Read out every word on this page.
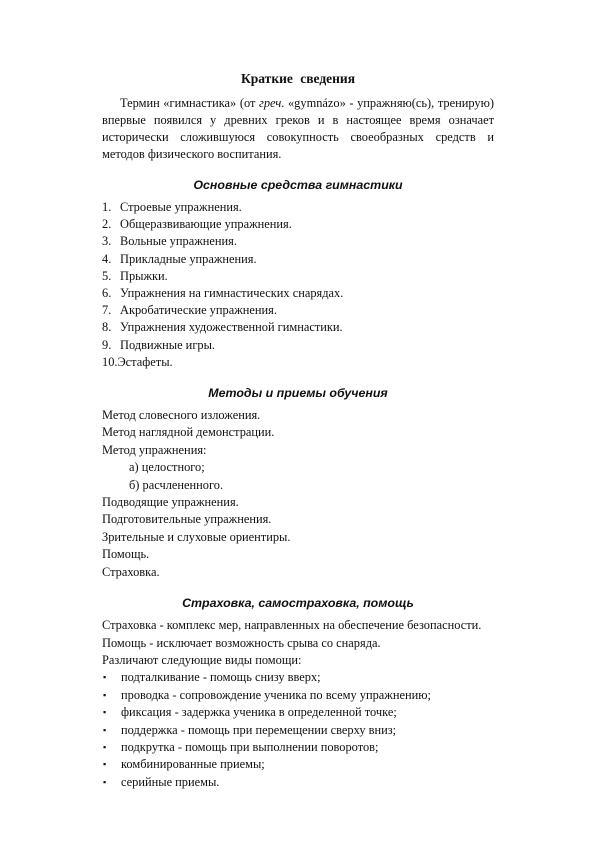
Краткие сведения

Термин «гимнастика» (от греч. «gymnázo» - упражняю(сь), тренирую) впервые появился у древних греков и в настоящее время означает исторически сложившуюся совокупность своеобразных средств и методов физического воспитания.

Основные средства гимнастики
1. Строевые упражнения.
2. Общеразвивающие упражнения.
3. Вольные упражнения.
4. Прикладные упражнения.
5. Прыжки.
6. Упражнения на гимнастических снарядах.
7. Акробатические упражнения.
8. Упражнения художественной гимнастики.
9. Подвижные игры.
10. Эстафеты.
Методы и приемы обучения
Метод словесного изложения.
Метод наглядной демонстрации.
Метод упражнения:
а) целостного;
б) расчлененного.
Подводящие упражнения.
Подготовительные упражнения.
Зрительные и слуховые ориентиры.
Помощь.
Страховка.
Страховка, самостраховка, помощь
Страховка - комплекс мер, направленных на обеспечение безопасности.
Помощь - исключает возможность срыва со снаряда.
Различают следующие виды помощи:
▪	подталкивание - помощь снизу вверх;
▪	проводка - сопровождение ученика по всему упражнению;
▪	фиксация - задержка ученика в определенной точке;
▪	поддержка - помощь при перемещении сверху вниз;
▪	подкрутка - помощь при выполнении поворотов;
▪	комбинированные приемы;
▪	серийные приемы.
